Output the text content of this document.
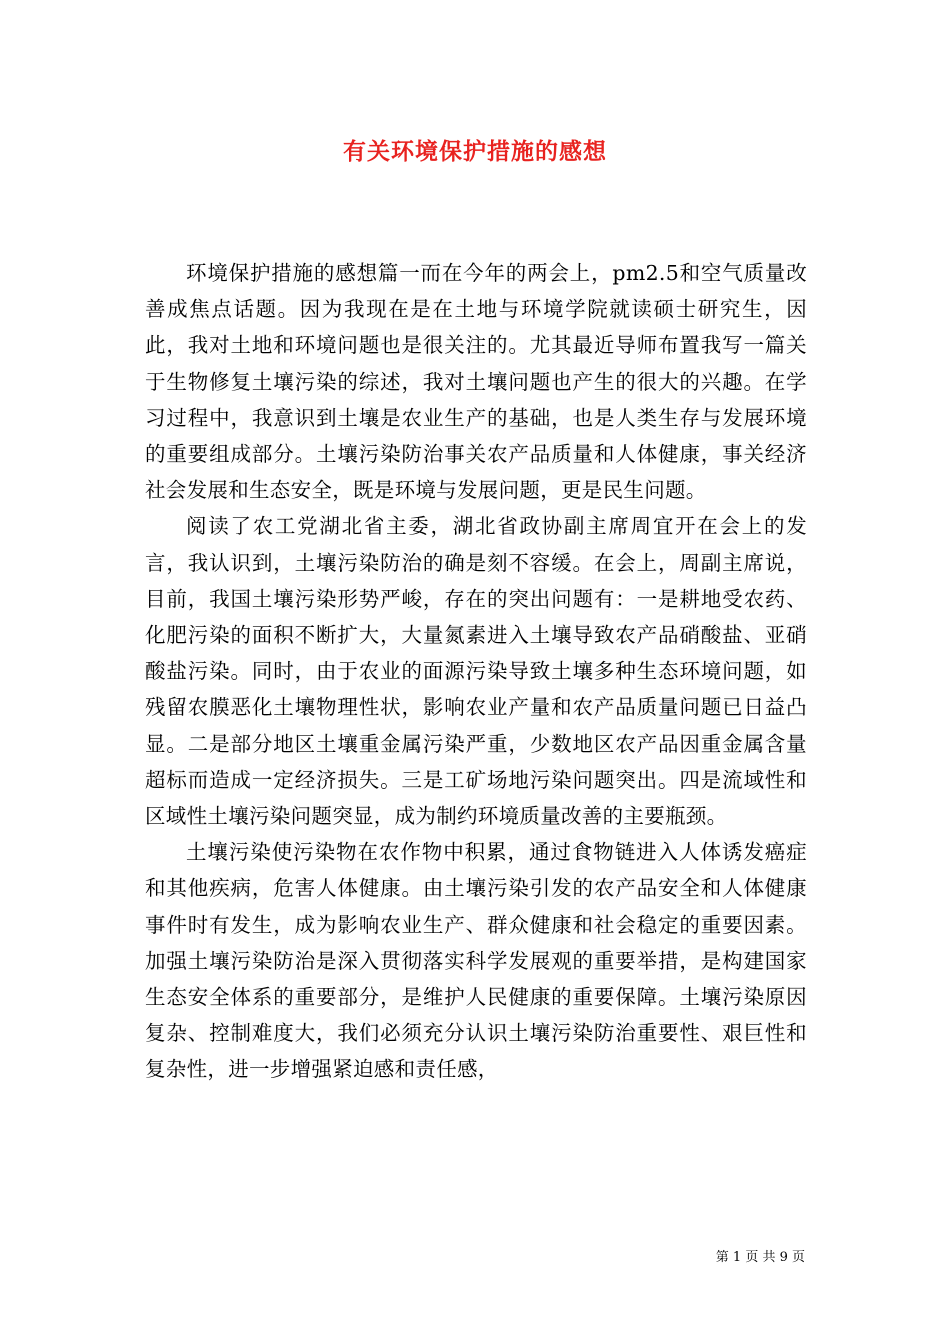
有关环境保护措施的感想

环境保护措施的感想篇一而在今年的两会上，pm2.5和空气质量改善成焦点话题。因为我现在是在土地与环境学院就读硕士研究生，因此，我对土地和环境问题也是很关注的。尤其最近导师布置我写一篇关于生物修复土壤污染的综述，我对土壤问题也产生的很大的兴趣。在学习过程中，我意识到土壤是农业生产的基础，也是人类生存与发展环境的重要组成部分。土壤污染防治事关农产品质量和人体健康，事关经济社会发展和生态安全，既是环境与发展问题，更是民生问题。

阅读了农工党湖北省主委，湖北省政协副主席周宜开在会上的发言，我认识到，土壤污染防治的确是刻不容缓。在会上，周副主席说，目前，我国土壤污染形势严峻，存在的突出问题有：一是耕地受农药、化肥污染的面积不断扩大，大量氮素进入土壤导致农产品硝酸盐、亚硝酸盐污染。同时，由于农业的面源污染导致土壤多种生态环境问题，如残留农膜恶化土壤物理性状，影响农业产量和农产品质量问题已日益凸显。二是部分地区土壤重金属污染严重，少数地区农产品因重金属含量超标而造成一定经济损失。三是工矿场地污染问题突出。四是流域性和区域性土壤污染问题突显，成为制约环境质量改善的主要瓶颈。

土壤污染使污染物在农作物中积累，通过食物链进入人体诱发癌症和其他疾病，危害人体健康。由土壤污染引发的农产品安全和人体健康事件时有发生，成为影响农业生产、群众健康和社会稳定的重要因素。加强土壤污染防治是深入贯彻落实科学发展观的重要举措，是构建国家生态安全体系的重要部分，是维护人民健康的重要保障。土壤污染原因复杂、控制难度大，我们必须充分认识土壤污染防治重要性、艰巨性和复杂性，进一步增强紧迫感和责任感，

第 1 页 共 9 页
